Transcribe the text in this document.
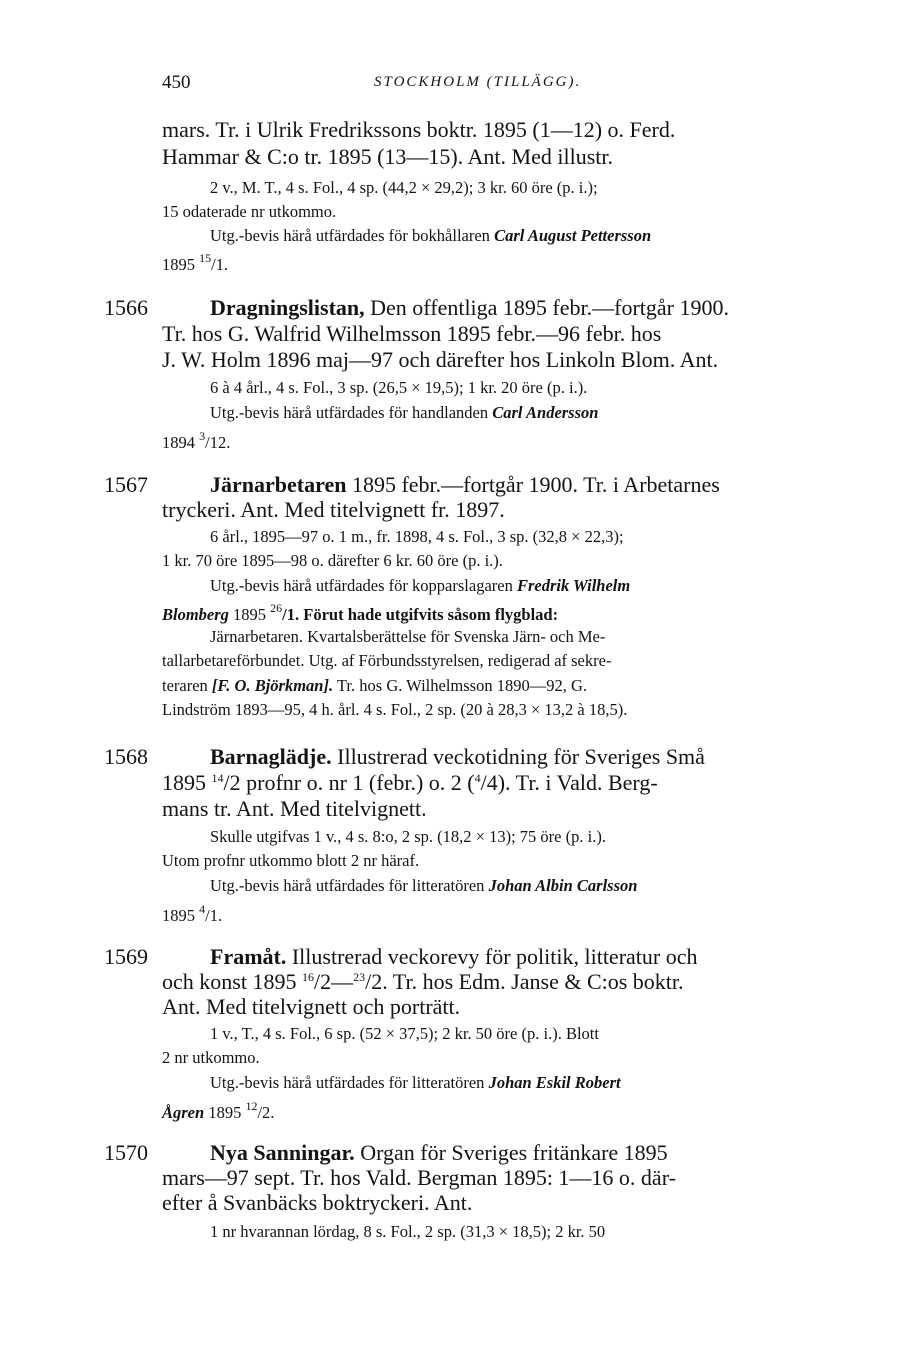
450	STOCKHOLM (TILLÄGG).
mars. Tr. i Ulrik Fredrikssons boktr. 1895 (1—12) o. Ferd.
Hammar & C:o tr. 1895 (13—15). Ant. Med illustr.
2 v., M. T., 4 s. Fol., 4 sp. (44,2 × 29,2); 3 kr. 60 öre (p. i.);
15 odaterade nr utkommo.
Utg.-bevis härå utfärdades för bokhållaren Carl August Pettersson
1895 $^{15}$/1.
1566	Dragningslistan, Den offentliga 1895 febr.—fortgår 1900.
Tr. hos G. Walfrid Wilhelmsson 1895 febr.—96 febr. hos
J. W. Holm 1896 maj—97 och därefter hos Linkoln Blom. Ant.
6 à 4 årl., 4 s. Fol., 3 sp. (26,5 × 19,5); 1 kr. 20 öre (p. i.).
Utg.-bevis härå utfärdades för handlanden Carl Andersson
1894 $^3$/12.
1567	Järnarbetaren 1895 febr.—fortgår 1900. Tr. i Arbetarnes
tryckeri. Ant. Med titelvignett fr. 1897.
6 årl., 1895—97 o. 1 m., fr. 1898, 4 s. Fol., 3 sp. (32,8 × 22,3);
1 kr. 70 öre 1895—98 o. därefter 6 kr. 60 öre (p. i.).
Utg.-bevis härå utfärdades för kopparslagaren Fredrik Wilhelm
Blomberg 1895 $^{26}$/1. Förut hade utgifvits såsom flygblad:
Järnarbetaren. Kvartalsberättelse för Svenska Järn- och Me-
tallarbetareförbundet. Utg. af Förbundsstyrelsen, redigerad af sekre-
teraren [F. O. Björkman]. Tr. hos G. Wilhelmsson 1890—92, G.
Lindström 1893—95, 4 h. årl. 4 s. Fol., 2 sp. (20 à 28,3 × 13,2 à 18,5).
1568	Barnaglädje. Illustrerad veckotidning för Sveriges Små
1895 $^{14}$/2 profnr o. nr 1 (febr.) o. 2 ($^4$/4). Tr. i Vald. Berg-
mans tr. Ant. Med titelvignett.
Skulle utgifvas 1 v., 4 s. 8:o, 2 sp. (18,2 × 13); 75 öre (p. i.).
Utom profnr utkommo blott 2 nr häraf.
Utg.-bevis härå utfärdades för litteratören Johan Albin Carlsson
1895 $^4$/1.
1569	Framåt. Illustrerad veckorevy för politik, litteratur och
och konst 1895 $^{16}$/2—$^{23}$/2. Tr. hos Edm. Janse & C:os boktr.
Ant. Med titelvignett och porträtt.
1 v., T., 4 s. Fol., 6 sp. (52 × 37,5); 2 kr. 50 öre (p. i.). Blott
2 nr utkommo.
Utg.-bevis härå utfärdades för litteratören Johan Eskil Robert
Ågren 1895 $^{12}$/2.
1570	Nya Sanningar. Organ för Sveriges fritänkare 1895
mars—97 sept. Tr. hos Vald. Bergman 1895: 1—16 o. där-
efter å Svanbäcks boktryckeri. Ant.
1 nr hvarannan lördag, 8 s. Fol., 2 sp. (31,3 × 18,5); 2 kr. 50
